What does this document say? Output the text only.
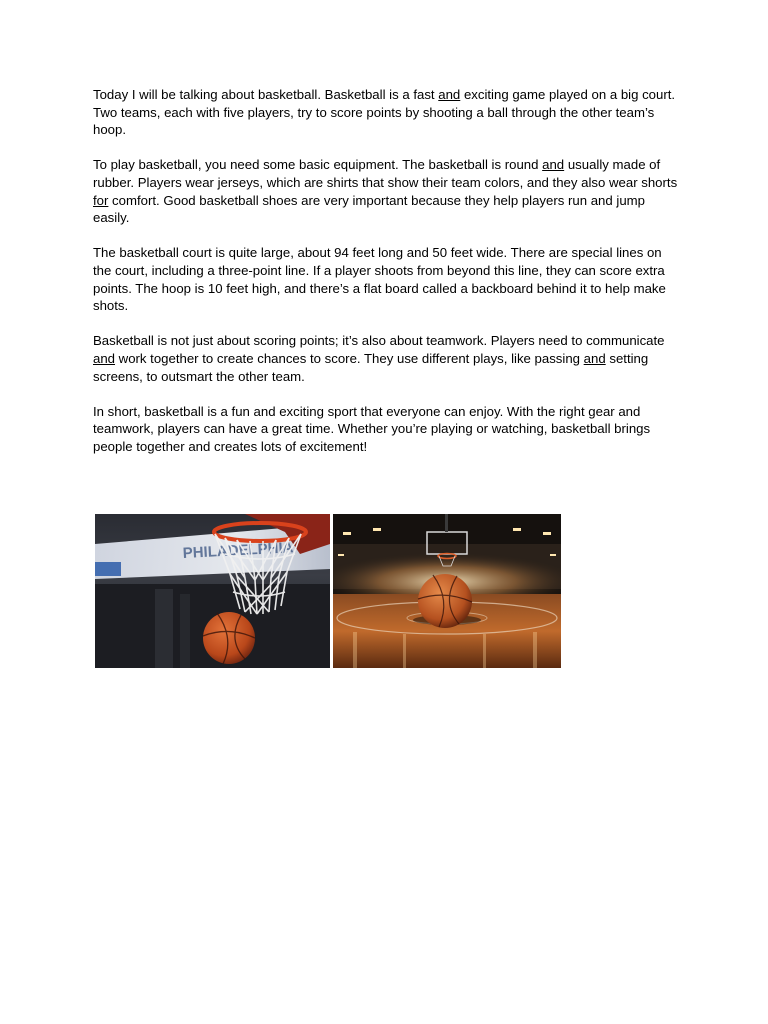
Today I will be talking about basketball. Basketball is a fast and exciting game played on a big court. Two teams, each with five players, try to score points by shooting a ball through the other team’s hoop.

To play basketball, you need some basic equipment. The basketball is round and usually made of rubber. Players wear jerseys, which are shirts that show their team colors, and they also wear shorts for comfort. Good basketball shoes are very important because they help players run and jump easily.

The basketball court is quite large, about 94 feet long and 50 feet wide. There are special lines on the court, including a three-point line. If a player shoots from beyond this line, they can score extra points. The hoop is 10 feet high, and there’s a flat board called a backboard behind it to help make shots.

Basketball is not just about scoring points; it’s also about teamwork. Players need to communicate and work together to create chances to score. They use different plays, like passing and setting screens, to outsmart the other team.

In short, basketball is a fun and exciting sport that everyone can enjoy. With the right gear and teamwork, players can have a great time. Whether you’re playing or watching, basketball brings people together and creates lots of excitement!

PHILADELPHIA
